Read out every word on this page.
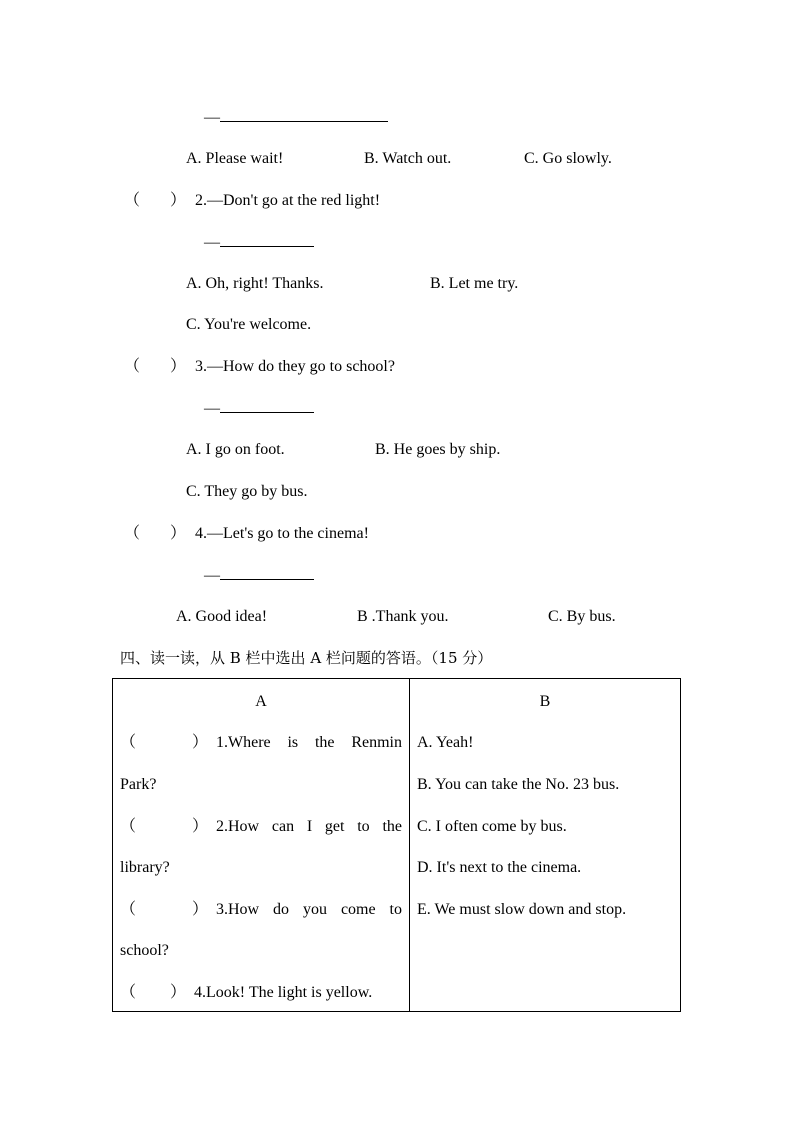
—
A. Please wait!	B. Watch out.	C. Go slowly.
（ ） 2.—Don't go at the red light!
—
A. Oh, right! Thanks.	B. Let me try.
C. You're welcome.
（ ） 3.—How do they go to school?
—
A. I go on foot.	B. He goes by ship.
C. They go by bus.
（ ） 4.—Let's go to the cinema!
—
A. Good idea!	B .Thank you.	C. By bus.
四、读一读，从 B 栏中选出 A 栏问题的答语。（15 分）
A
（	） 1.Where is the Renmin
Park?
（	） 2.How can I get to the
library?
（	） 3.How do you come to
school?
（ ） 4.Look! The light is yellow.

B
A. Yeah!
B. You can take the No. 23 bus.
C. I often come by bus.
D. It's next to the cinema.
E. We must slow down and stop.
